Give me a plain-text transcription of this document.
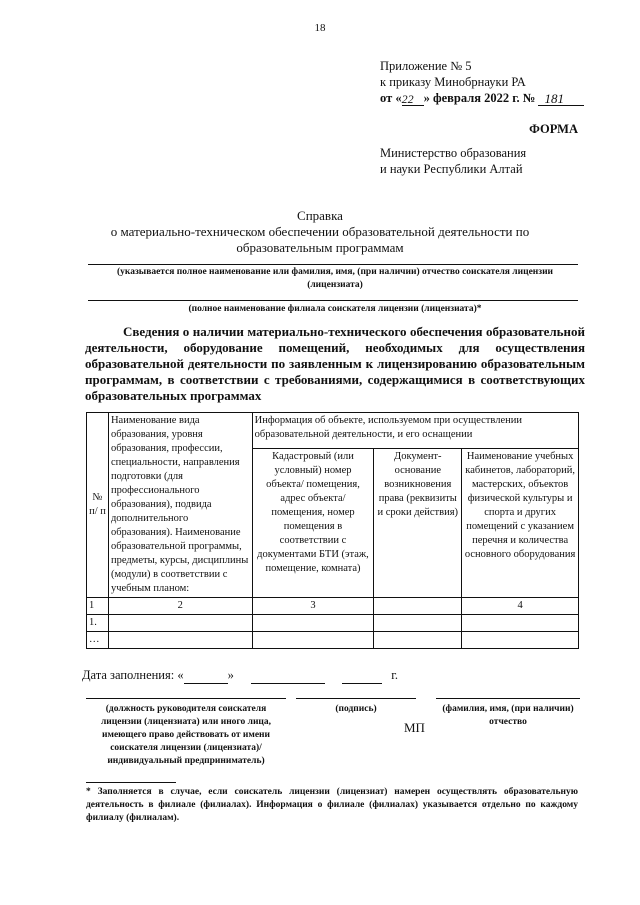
18
Приложение № 5
к приказу Минобрнауки РА
от «22 » февраля 2022 г. № 181
ФОРМА
Министерство образования
и науки Республики Алтай
Справка
о материально-техническом обеспечении образовательной деятельности по
образовательным программам
(указывается полное наименование или фамилия, имя, (при наличии) отчество соискателя лицензии (лицензиата)
(полное наименование филиала соискателя лицензии (лицензиата)*
Сведения о наличии материально-технического обеспечения образовательной деятельности, оборудование помещений, необходимых для осуществления образовательной деятельности по заявленным к лицензированию образовательным программам, в соответствии с требованиями, содержащимися в соответствующих образовательных программах
№ п/ п	Наименование вида образования, уровня образования, профессии, специальности, направления подготовки (для профессионального образования), подвида дополнительного образования). Наименование образовательной программы, предметы, курсы, дисциплины (модули) в соответствии с учебным планом:	Информация об объекте, используемом при осуществлении образовательной деятельности, и его оснащении		
		Кадастровый (или условный) номер объекта/ помещения, адрес объекта/ помещения, номер помещения в соответствии с документами БТИ (этаж, помещение, комната)	Документ-основание возникновения права (реквизиты и сроки действия)	Наименование учебных кабинетов, лабораторий, мастерских, объектов физической культуры и спорта и других помещений с указанием перечня и количества основного оборудования
1	2	3		4
1.				
…				
Дата заполнения: «	»	г.
(должность руководителя соискателя лицензии (лицензиата) или иного лица, имеющего право действовать от имени соискателя лицензии (лицензиата)/ индивидуальный предприниматель)
(подпись)
МП
(фамилия, имя, (при наличии) отчество
* Заполняется в случае, если соискатель лицензии (лицензиат) намерен осуществлять образовательную деятельность в филиале (филиалах). Информация о филиале (филиалах) указывается отдельно по каждому филиалу (филиалам).
